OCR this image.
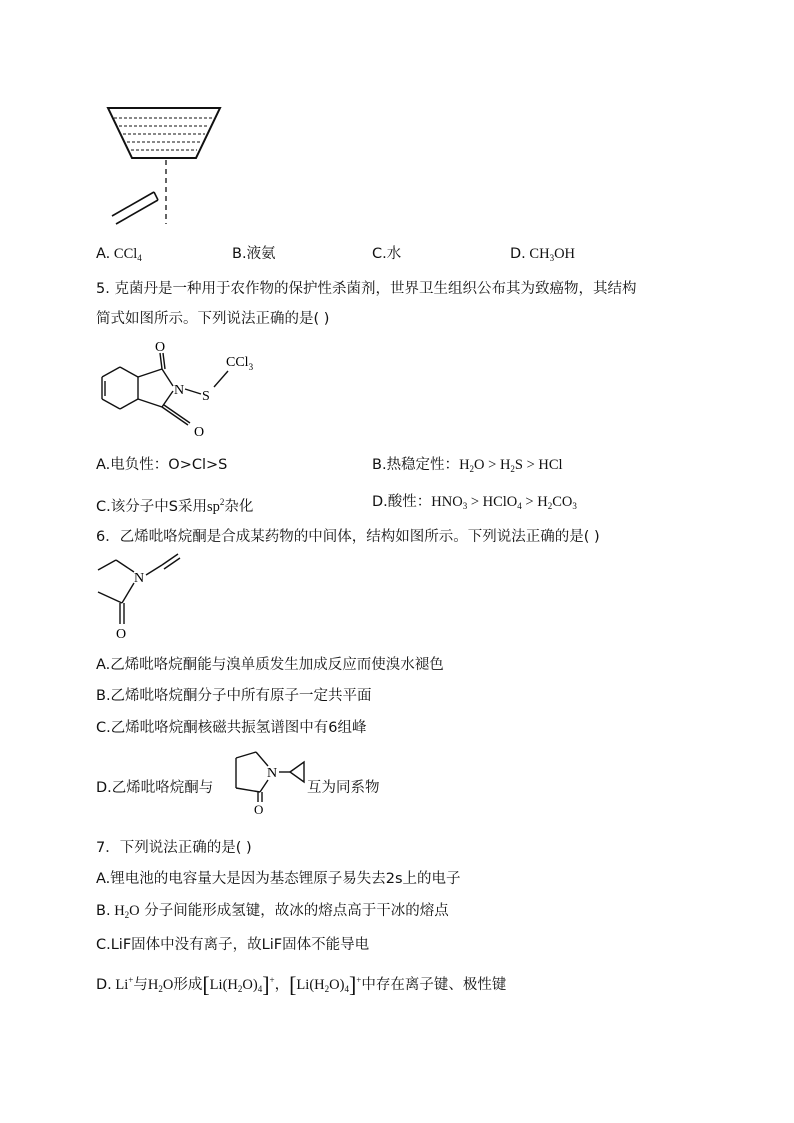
A. CCl$_4$	B.液氨	C.水	D. $CH_3OH$
5. 克菌丹是一种用于农作物的保护性杀菌剂，世界卫生组织公布其为致癌物，其结构
简式如图所示。下列说法正确的是( )
O
N S
O
CCl$_3$
A.电负性：O>Cl>S	B.热稳定性：$H_2O > H_2S$ > HCl
C.该分子中S采用$sp^2$杂化	D.酸性：$HNO_3$ > HClO$_4$ > $H_2CO_3$
6．乙烯吡咯烷酮是合成某药物的中间体，结构如图所示。下列说法正确的是( )
N
O
A.乙烯吡咯烷酮能与溴单质发生加成反应而使溴水褪色
B.乙烯吡咯烷酮分子中所有原子一定共平面
C.乙烯吡咯烷酮核磁共振氢谱图中有6组峰
D.乙烯吡咯烷酮与
N
O
互为同系物
7．下列说法正确的是( )
A.锂电池的电容量大是因为基态锂原子易失去2s上的电子
B. $H_2O$ 分子间能形成氢键，故冰的熔点高于干冰的熔点
C.LiF固体中没有离子，故LiF固体不能导电
D. Li+与$H_2O$形成$[Li(H_2O)_4]^+$，$[Li(H_2O)_4]^+$中存在离子键、极性键
